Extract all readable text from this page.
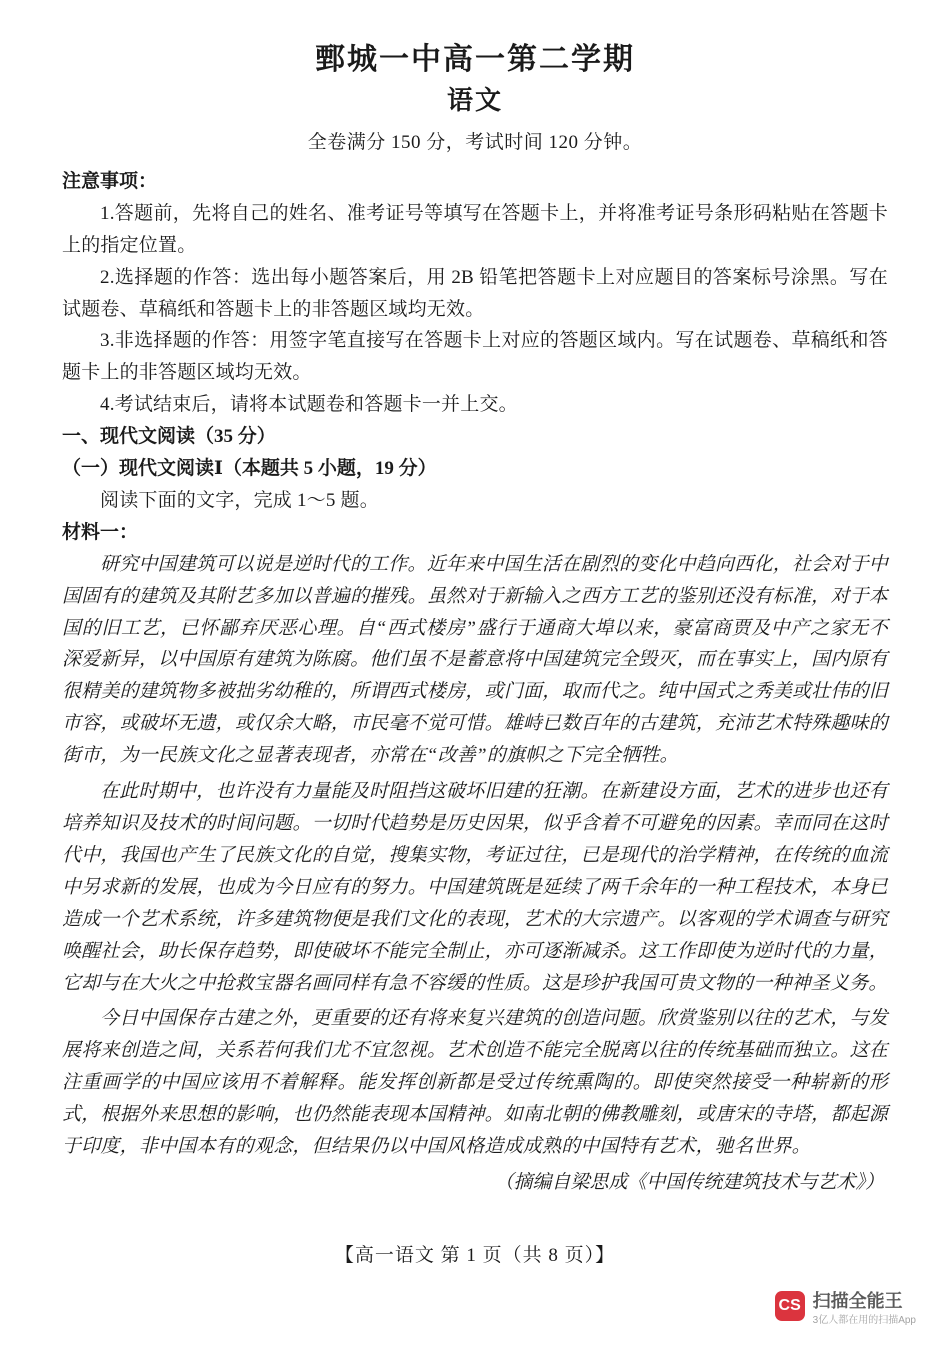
鄄城一中高一第二学期
语文
全卷满分 150 分，考试时间 120 分钟。
注意事项：

1.答题前，先将自己的姓名、准考证号等填写在答题卡上，并将准考证号条形码粘贴在答题卡上的指定位置。

2.选择题的作答：选出每小题答案后，用 2B 铅笔把答题卡上对应题目的答案标号涂黑。写在试题卷、草稿纸和答题卡上的非答题区域均无效。

3.非选择题的作答：用签字笔直接写在答题卡上对应的答题区域内。写在试题卷、草稿纸和答题卡上的非答题区域均无效。

4.考试结束后，请将本试题卷和答题卡一并上交。

一、现代文阅读（35 分）
（一）现代文阅读Ⅰ（本题共 5 小题，19 分）

阅读下面的文字，完成 1～5 题。

材料一：

研究中国建筑可以说是逆时代的工作。近年来中国生活在剧烈的变化中趋向西化，社会对于中国固有的建筑及其附艺多加以普遍的摧残。虽然对于新输入之西方工艺的鉴别还没有标准，对于本国的旧工艺，已怀鄙弃厌恶心理。自“西式楼房”盛行于通商大埠以来，豪富商贾及中产之家无不深爱新异，以中国原有建筑为陈腐。他们虽不是蓄意将中国建筑完全毁灭，而在事实上，国内原有很精美的建筑物多被拙劣幼稚的，所谓西式楼房，或门面，取而代之。纯中国式之秀美或壮伟的旧市容，或破坏无遗，或仅余大略，市民毫不觉可惜。雄峙已数百年的古建筑，充沛艺术特殊趣味的街市，为一民族文化之显著表现者，亦常在“改善”的旗帜之下完全牺牲。

在此时期中，也许没有力量能及时阻挡这破坏旧建的狂潮。在新建设方面，艺术的进步也还有培养知识及技术的时间问题。一切时代趋势是历史因果，似乎含着不可避免的因素。幸而同在这时代中，我国也产生了民族文化的自觉，搜集实物，考证过往，已是现代的治学精神，在传统的血流中另求新的发展，也成为今日应有的努力。中国建筑既是延续了两千余年的一种工程技术，本身已造成一个艺术系统，许多建筑物便是我们文化的表现，艺术的大宗遗产。以客观的学术调查与研究唤醒社会，助长保存趋势，即使破坏不能完全制止，亦可逐渐减杀。这工作即使为逆时代的力量，它却与在大火之中抢救宝器名画同样有急不容缓的性质。这是珍护我国可贵文物的一种神圣义务。

今日中国保存古建之外，更重要的还有将来复兴建筑的创造问题。欣赏鉴别以往的艺术，与发展将来创造之间，关系若何我们尤不宜忽视。艺术创造不能完全脱离以往的传统基础而独立。这在注重画学的中国应该用不着解释。能发挥创新都是受过传统熏陶的。即使突然接受一种崭新的形式，根据外来思想的影响，也仍然能表现本国精神。如南北朝的佛教雕刻，或唐宋的寺塔，都起源于印度，非中国本有的观念，但结果仍以中国风格造成成熟的中国特有艺术，驰名世界。

（摘编自梁思成《中国传统建筑技术与艺术》）

【高一语文 第 1 页（共 8 页）】
CS 扫描全能王
3亿人都在用的扫描App
